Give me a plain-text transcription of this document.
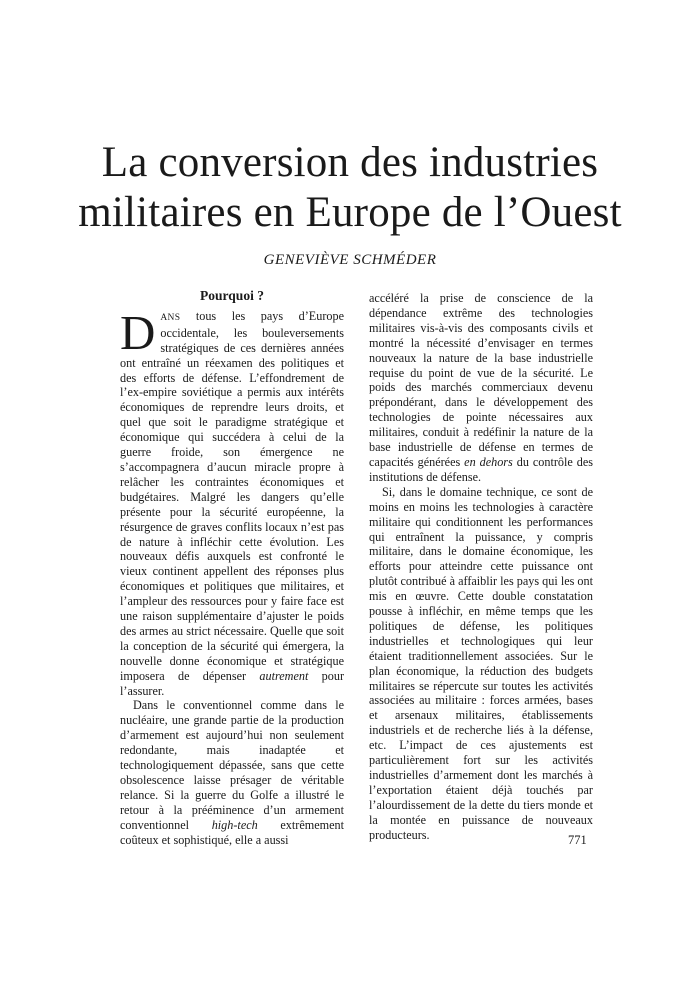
La conversion des industries
militaires en Europe de l’Ouest
GENEVIÈVE SCHMÉDER
Pourquoi ?

DANS tous les pays d’Europe occidentale, les bouleversements stratégiques de ces dernières années ont entraîné un réexamen des politiques et des efforts de défense. L’effondrement de l’ex-empire soviétique a permis aux intérêts économiques de reprendre leurs droits, et quel que soit le paradigme stratégique et économique qui succédera à celui de la guerre froide, son émergence ne s’accompagnera d’aucun miracle propre à relâcher les contraintes économiques et budgétaires. Malgré les dangers qu’elle présente pour la sécurité européenne, la résurgence de graves conflits locaux n’est pas de nature à infléchir cette évolution. Les nouveaux défis auxquels est confronté le vieux continent appellent des réponses plus économiques et politiques que militaires, et l’ampleur des ressources pour y faire face est une raison supplémentaire d’ajuster le poids des armes au strict nécessaire. Quelle que soit la conception de la sécurité qui émergera, la nouvelle donne économique et stratégique imposera de dépenser autrement pour l’assurer.

Dans le conventionnel comme dans le nucléaire, une grande partie de la production d’armement est aujourd’hui non seulement redondante, mais inadaptée et technologiquement dépassée, sans que cette obsolescence laisse présager de véritable relance. Si la guerre du Golfe a illustré le retour à la prééminence d’un armement conventionnel high-tech extrêmement coûteux et sophistiqué, elle a aussi

accéléré la prise de conscience de la dépendance extrême des technologies militaires vis-à-vis des composants civils et montré la nécessité d’envisager en termes nouveaux la nature de la base industrielle requise du point de vue de la sécurité. Le poids des marchés commerciaux devenu prépondérant, dans le développement des technologies de pointe nécessaires aux militaires, conduit à redéfinir la nature de la base industrielle de défense en termes de capacités générées en dehors du contrôle des institutions de défense.

Si, dans le domaine technique, ce sont de moins en moins les technologies à caractère militaire qui conditionnent les performances qui entraînent la puissance, y compris militaire, dans le domaine économique, les efforts pour atteindre cette puissance ont plutôt contribué à affaiblir les pays qui les ont mis en œuvre. Cette double constatation pousse à infléchir, en même temps que les politiques de défense, les politiques industrielles et technologiques qui leur étaient traditionnellement associées. Sur le plan économique, la réduction des budgets militaires se répercute sur toutes les activités associées au militaire : forces armées, bases et arsenaux militaires, établissements industriels et de recherche liés à la défense, etc. L’impact de ces ajustements est particulièrement fort sur les activités industrielles d’armement dont les marchés à l’exportation étaient déjà touchés par l’alourdissement de la dette du tiers monde et la montée en puissance de nouveaux producteurs.	771
